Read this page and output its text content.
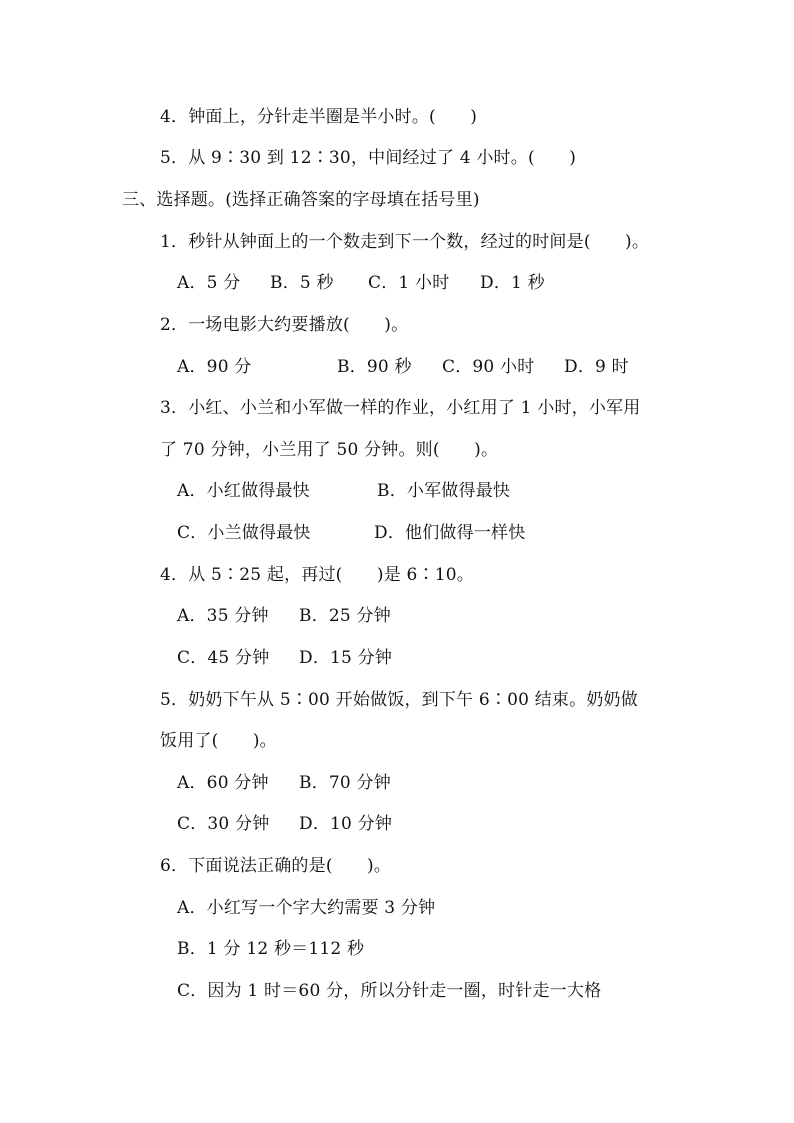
4．钟面上，分针走半圈是半小时。(　　)
5．从 9∶30 到 12∶30，中间经过了 4 小时。(　　)
三、选择题。(选择正确答案的字母填在括号里)
1．秒针从钟面上的一个数走到下一个数，经过的时间是(　　)。
A．5 分 B．5 秒 C．1 小时 D．1 秒
2．一场电影大约要播放(　　)。
A．90 分	B．90 秒 C．90 小时 D．9 时
3．小红、小兰和小军做一样的作业，小红用了 1 小时，小军用
了 70 分钟，小兰用了 50 分钟。则(　　)。
A．小红做得最快	B．小军做得最快
C．小兰做得最快	D．他们做得一样快
4．从 5∶25 起，再过(　　)是 6∶10。
A．35 分钟 B．25 分钟
C．45 分钟 D．15 分钟
5．奶奶下午从 5∶00 开始做饭，到下午 6∶00 结束。奶奶做
饭用了(　　)。
A．60 分钟 B．70 分钟
C．30 分钟 D．10 分钟
6．下面说法正确的是(　　)。
A．小红写一个字大约需要 3 分钟
B．1 分 12 秒＝112 秒
C．因为 1 时＝60 分，所以分针走一圈，时针走一大格
